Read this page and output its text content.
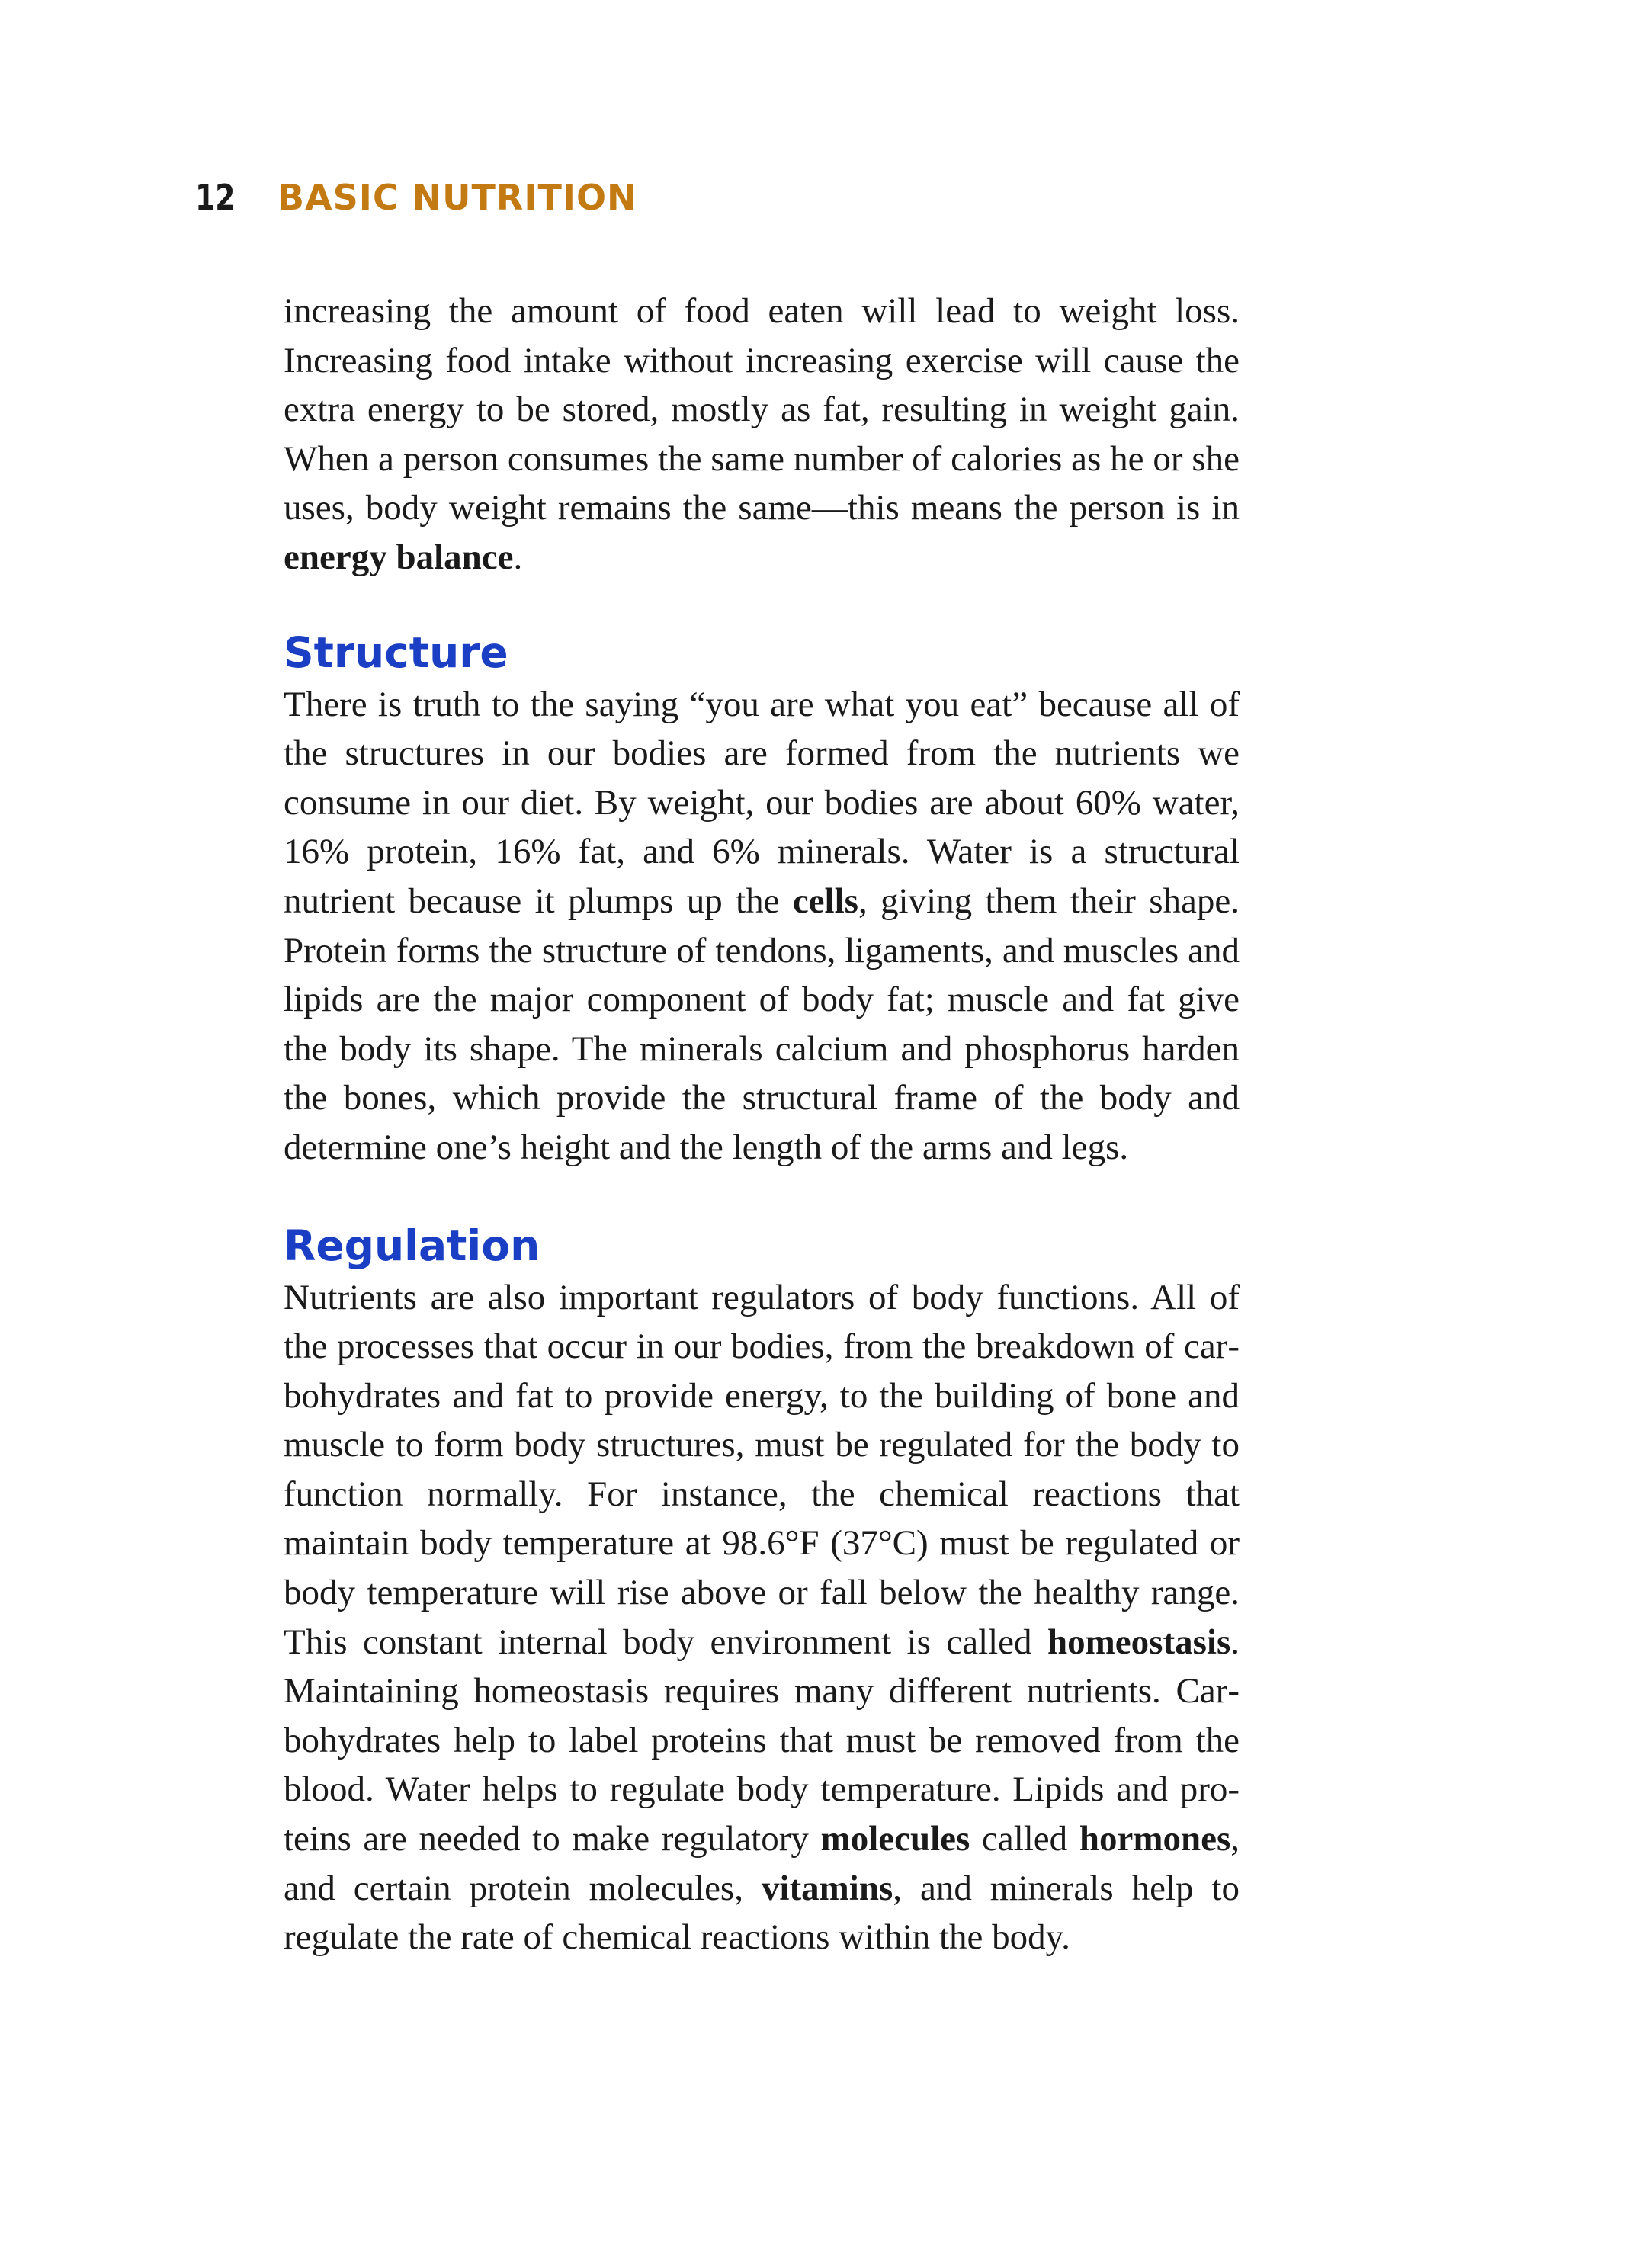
12	BASIC NUTRITION

increasing the amount of food eaten will lead to weight loss. Increasing food intake without increasing exercise will cause the extra energy to be stored, mostly as fat, resulting in weight gain. When a person consumes the same number of calories as he or she uses, body weight remains the same—this means the person is in energy balance.

Structure

There is truth to the saying “you are what you eat” because all of the structures in our bodies are formed from the nutrients we consume in our diet. By weight, our bodies are about 60% water, 16% protein, 16% fat, and 6% minerals. Water is a structural nutrient because it plumps up the cells, giving them their shape. Protein forms the structure of tendons, ligaments, and muscles and lipids are the major component of body fat; muscle and fat give the body its shape. The minerals calcium and phosphorus harden the bones, which provide the structural frame of the body and determine one’s height and the length of the arms and legs.

Regulation

Nutrients are also important regulators of body functions. All of the processes that occur in our bodies, from the breakdown of carbohydrates and fat to provide energy, to the building of bone and muscle to form body structures, must be regulated for the body to function normally. For instance, the chemical reactions that maintain body temperature at 98.6°F (37°C) must be regulated or body temperature will rise above or fall below the healthy range. This constant internal body environment is called homeostasis. Maintaining homeostasis requires many different nutrients. Carbohydrates help to label proteins that must be removed from the blood. Water helps to regulate body temperature. Lipids and proteins are needed to make regulatory molecules called hormones, and certain protein molecules, vitamins, and minerals help to regulate the rate of chemical reactions within the body.
